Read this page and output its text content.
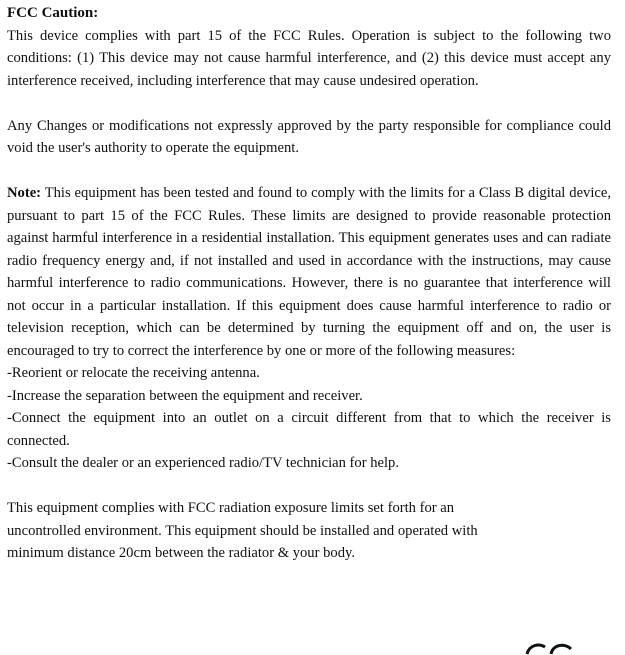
FCC Caution:

This device complies with part 15 of the FCC Rules. Operation is subject to the following two conditions: (1) This device may not cause harmful interference, and (2) this device must accept any interference received, including interference that may cause undesired operation.

Any Changes or modifications not expressly approved by the party responsible for compliance could void the user's authority to operate the equipment.

Note: This equipment has been tested and found to comply with the limits for a Class B digital device, pursuant to part 15 of the FCC Rules. These limits are designed to provide reasonable protection against harmful interference in a residential installation. This equipment generates uses and can radiate radio frequency energy and, if not installed and used in accordance with the instructions, may cause harmful interference to radio communications. However, there is no guarantee that interference will not occur in a particular installation. If this equipment does cause harmful interference to radio or television reception, which can be determined by turning the equipment off and on, the user is encouraged to try to correct the interference by one or more of the following measures:

-Reorient or relocate the receiving antenna.
-Increase the separation between the equipment and receiver.
-Connect the equipment into an outlet on a circuit different from that to which the receiver is connected.
-Consult the dealer or an experienced radio/TV technician for help.

This equipment complies with FCC radiation exposure limits set forth for an

uncontrolled environment. This equipment should be installed and operated with

minimum distance 20cm between the radiator & your body.
